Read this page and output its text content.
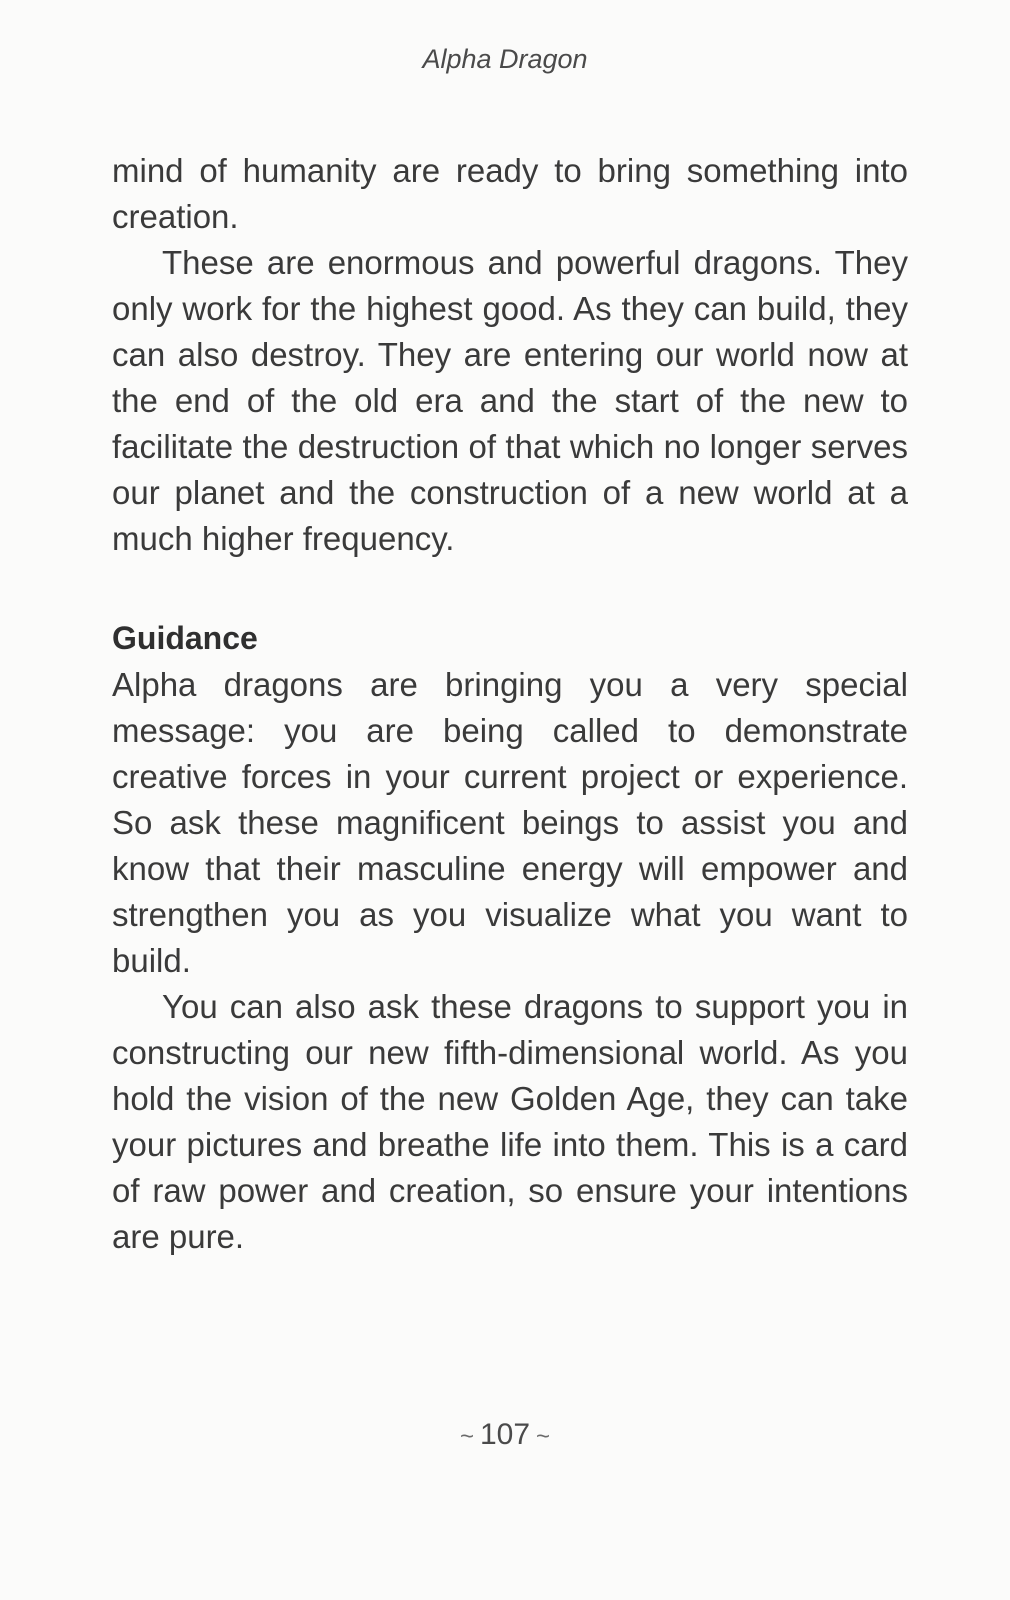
Alpha Dragon

mind of humanity are ready to bring something into creation.

These are enormous and powerful dragons. They only work for the highest good. As they can build, they can also destroy. They are entering our world now at the end of the old era and the start of the new to facilitate the destruction of that which no longer serves our planet and the construction of a new world at a much higher frequency.

Guidance

Alpha dragons are bringing you a very special message: you are being called to demonstrate creative forces in your current project or experience. So ask these magnificent beings to assist you and know that their masculine energy will empower and strengthen you as you visualize what you want to build.

You can also ask these dragons to support you in constructing our new fifth-dimensional world. As you hold the vision of the new Golden Age, they can take your pictures and breathe life into them. This is a card of raw power and creation, so ensure your intentions are pure.

~ 107 ~
